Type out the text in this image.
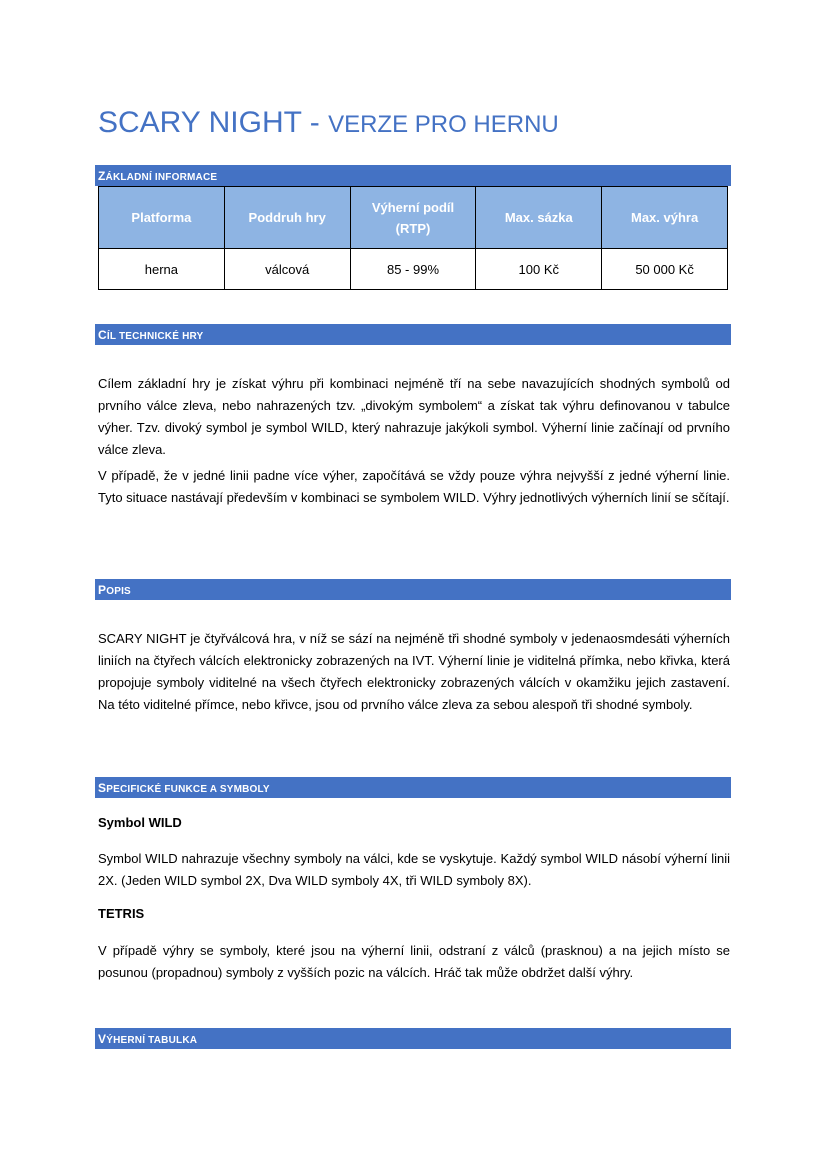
SCARY NIGHT - VERZE PRO HERNU
ZÁKLADNÍ INFORMACE
Platforma	Poddruh hry	Výherní podíl (RTP)	Max. sázka	Max. výhra
herna	válcová	85 - 99%	100 Kč	50 000 Kč
CÍL TECHNICKÉ HRY

Cílem základní hry je získat výhru při kombinaci nejméně tří na sebe navazujících shodných symbolů od prvního válce zleva, nebo nahrazených tzv. „divokým symbolem“ a získat tak výhru definovanou v tabulce výher. Tzv. divoký symbol je symbol WILD, který nahrazuje jakýkoli symbol. Výherní linie začínají od prvního válce zleva.

V případě, že v jedné linii padne více výher, započítává se vždy pouze výhra nejvyšší z jedné výherní linie. Tyto situace nastávají především v kombinaci se symbolem WILD. Výhry jednotlivých výherních linií se sčítají.

POPIS

SCARY NIGHT je čtyřválcová hra, v níž se sází na nejméně tři shodné symboly v jedenaosmdesáti výherních liniích na čtyřech válcích elektronicky zobrazených na IVT. Výherní linie je viditelná přímka, nebo křivka, která propojuje symboly viditelné na všech čtyřech elektronicky zobrazených válcích v okamžiku jejich zastavení. Na této viditelné přímce, nebo křivce, jsou od prvního válce zleva za sebou alespoň tři shodné symboly.

SPECIFICKÉ FUNKCE A SYMBOLY
Symbol WILD

Symbol WILD nahrazuje všechny symboly na válci, kde se vyskytuje. Každý symbol WILD násobí výherní linii 2X. (Jeden WILD symbol 2X, Dva WILD symboly 4X, tři WILD symboly 8X).

TETRIS

V případě výhry se symboly, které jsou na výherní linii, odstraní z válců (prasknou) a na jejich místo se posunou (propadnou) symboly z vyšších pozic na válcích. Hráč tak může obdržet další výhry.

VÝHERNÍ TABULKA
